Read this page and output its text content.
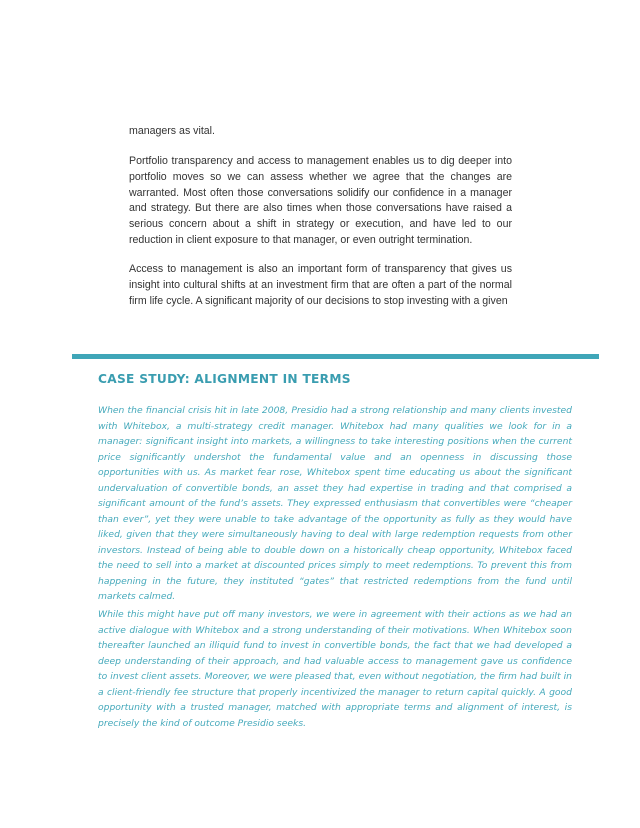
managers as vital.

Portfolio transparency and access to management enables us to dig deeper into portfolio moves so we can assess whether we agree that the changes are warranted. Most often those conversations solidify our confidence in a manager and strategy. But there are also times when those conversations have raised a serious concern about a shift in strategy or execution, and have led to our reduction in client exposure to that manager, or even outright termination.

Access to management is also an important form of transparency that gives us insight into cultural shifts at an investment firm that are often a part of the normal firm life cycle. A significant majority of our decisions to stop investing with a given

CASE STUDY: ALIGNMENT IN TERMS

When the financial crisis hit in late 2008, Presidio had a strong relationship and many clients invested with Whitebox, a multi-strategy credit manager. Whitebox had many qualities we look for in a manager: significant insight into markets, a willingness to take interesting positions when the current price significantly undershot the fundamental value and an openness in discussing those opportunities with us. As market fear rose, Whitebox spent time educating us about the significant undervaluation of convertible bonds, an asset they had expertise in trading and that comprised a significant amount of the fund’s assets. They expressed enthusiasm that convertibles were “cheaper than ever”, yet they were unable to take advantage of the opportunity as fully as they would have liked, given that they were simultaneously having to deal with large redemption requests from other investors. Instead of being able to double down on a historically cheap opportunity, Whitebox faced the need to sell into a market at discounted prices simply to meet redemptions. To prevent this from happening in the future, they instituted “gates” that restricted redemptions from the fund until markets calmed.

While this might have put off many investors, we were in agreement with their actions as we had an active dialogue with Whitebox and a strong understanding of their motivations. When Whitebox soon thereafter launched an illiquid fund to invest in convertible bonds, the fact that we had developed a deep understanding of their approach, and had valuable access to management gave us confidence to invest client assets. Moreover, we were pleased that, even without negotiation, the firm had built in a client-friendly fee structure that properly incentivized the manager to return capital quickly. A good opportunity with a trusted manager, matched with appropriate terms and alignment of interest, is precisely the kind of outcome Presidio seeks.
